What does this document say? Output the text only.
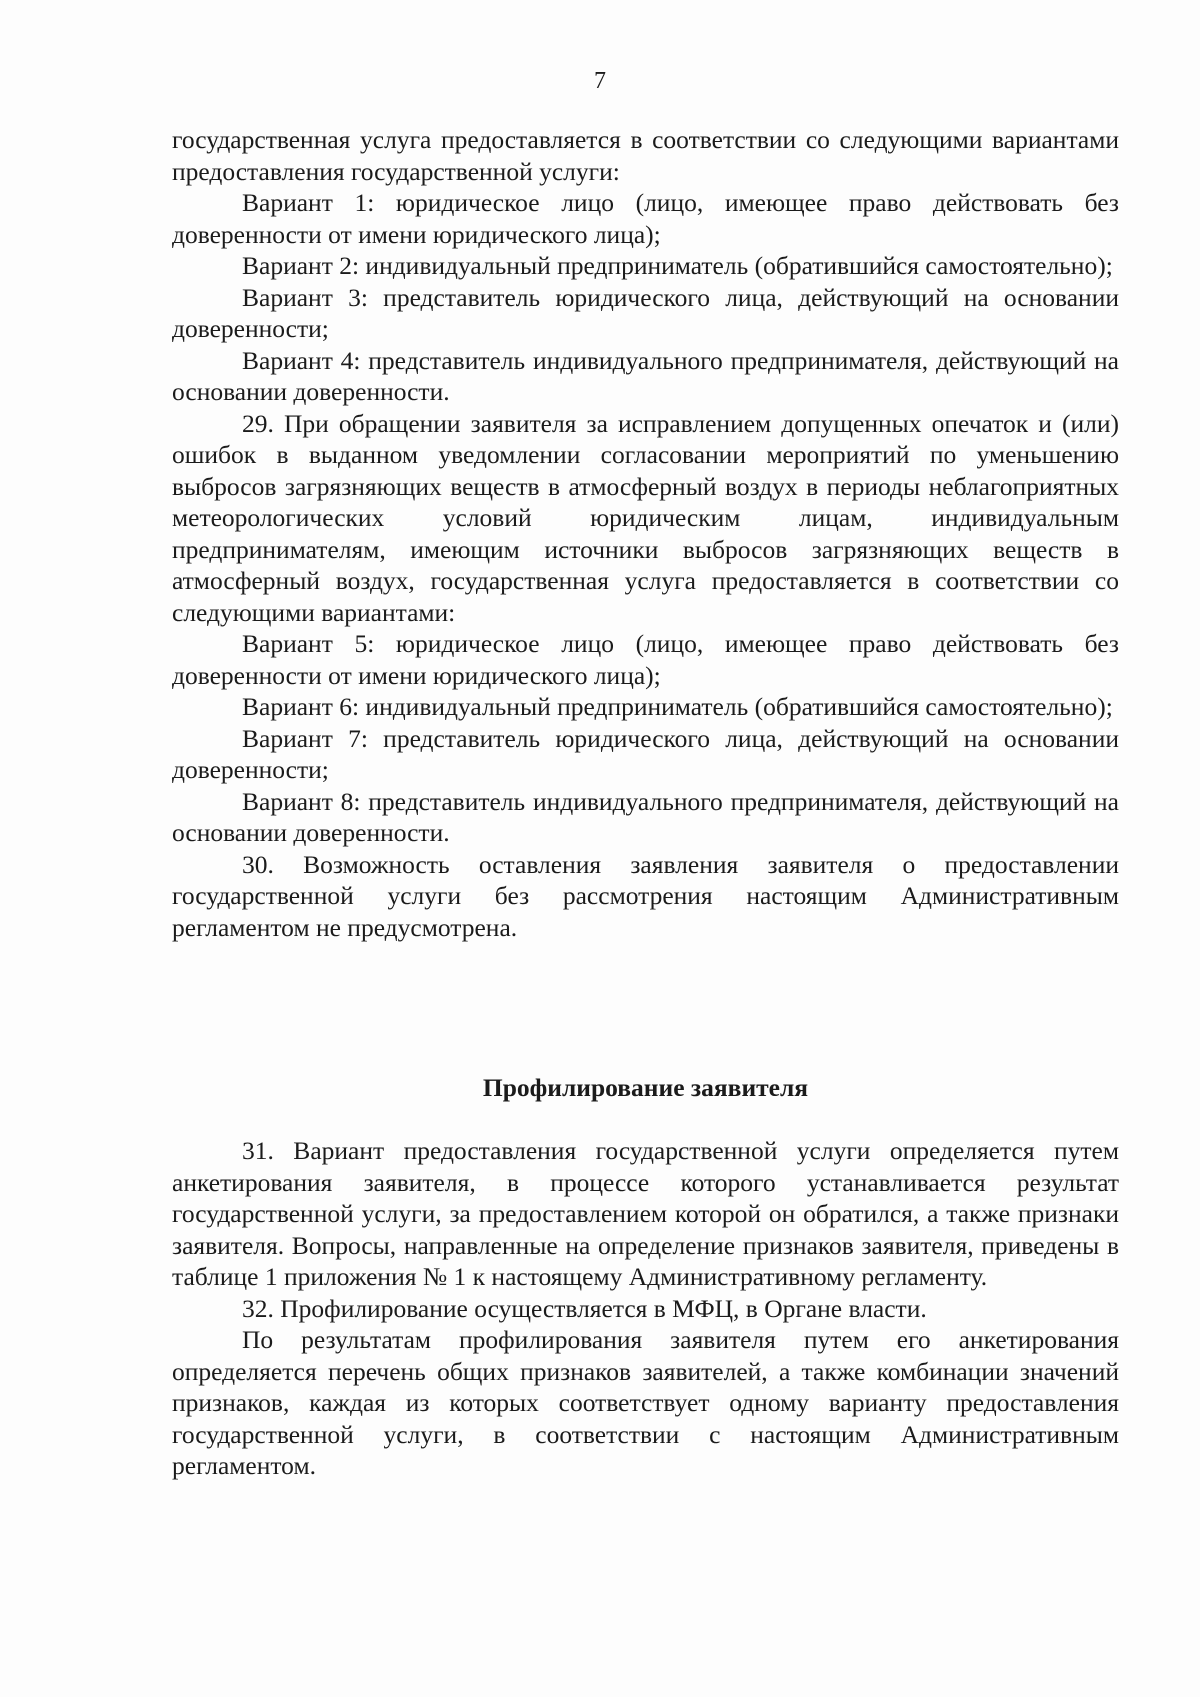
7

государственная услуга предоставляется в соответствии со следующими вариантами предоставления государственной услуги:

Вариант 1: юридическое лицо (лицо, имеющее право действовать без доверенности от имени юридического лица);

Вариант 2: индивидуальный предприниматель (обратившийся самостоятельно);

Вариант 3: представитель юридического лица, действующий на основании доверенности;

Вариант 4: представитель индивидуального предпринимателя, действующий на основании доверенности.

29. При обращении заявителя за исправлением допущенных опечаток и (или) ошибок в выданном уведомлении согласовании мероприятий по уменьшению выбросов загрязняющих веществ в атмосферный воздух в периоды неблагоприятных метеорологических условий юридическим лицам, индивидуальным предпринимателям, имеющим источники выбросов загрязняющих веществ в атмосферный воздух, государственная услуга предоставляется в соответствии со следующими вариантами:

Вариант 5: юридическое лицо (лицо, имеющее право действовать без доверенности от имени юридического лица);

Вариант 6: индивидуальный предприниматель (обратившийся самостоятельно);

Вариант 7: представитель юридического лица, действующий на основании доверенности;

Вариант 8: представитель индивидуального предпринимателя, действующий на основании доверенности.

30. Возможность оставления заявления заявителя о предоставлении государственной услуги без рассмотрения настоящим Административным регламентом не предусмотрена.

Профилирование заявителя

31. Вариант предоставления государственной услуги определяется путем анкетирования заявителя, в процессе которого устанавливается результат государственной услуги, за предоставлением которой он обратился, а также признаки заявителя. Вопросы, направленные на определение признаков заявителя, приведены в таблице 1 приложения № 1 к настоящему Административному регламенту.

32. Профилирование осуществляется в МФЦ, в Органе власти.

По результатам профилирования заявителя путем его анкетирования определяется перечень общих признаков заявителей, а также комбинации значений признаков, каждая из которых соответствует одному варианту предоставления государственной услуги, в соответствии с настоящим Административным регламентом.
